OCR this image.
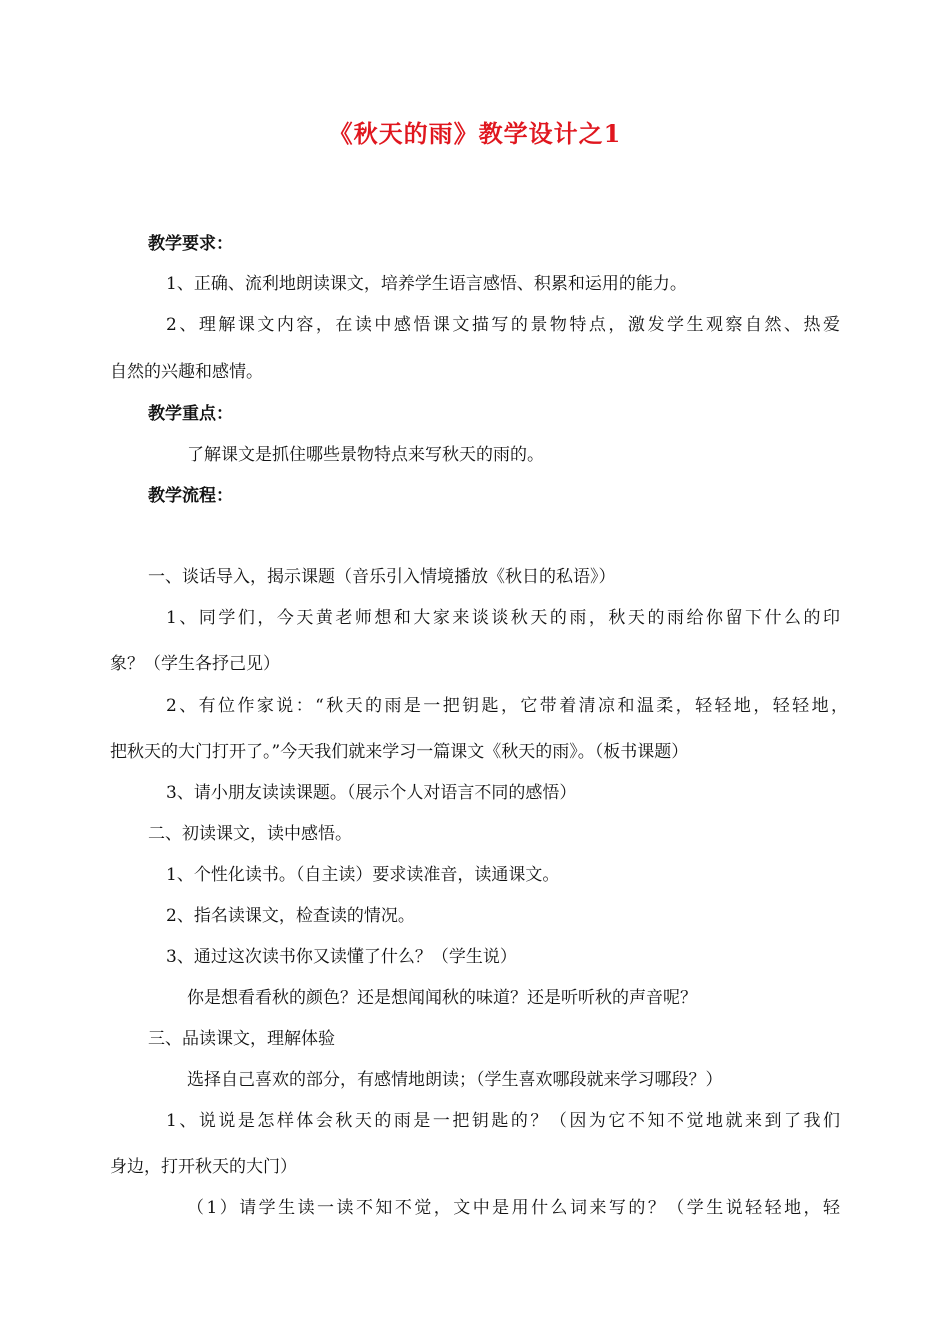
《秋天的雨》教学设计之1
教学要求：
1、正确、流利地朗读课文，培养学生语言感悟、积累和运用的能力。
2、理解课文内容，在读中感悟课文描写的景物特点，激发学生观察自然、热爱
自然的兴趣和感情。
教学重点：
了解课文是抓住哪些景物特点来写秋天的雨的。
教学流程：
一、谈话导入，揭示课题（音乐引入情境播放《秋日的私语》）
1、同学们，今天黄老师想和大家来谈谈秋天的雨，秋天的雨给你留下什么的印
象？（学生各抒己见）
2、有位作家说：“秋天的雨是一把钥匙，它带着清凉和温柔，轻轻地，轻轻地，
把秋天的大门打开了。”今天我们就来学习一篇课文《秋天的雨》。（板书课题）
3、请小朋友读读课题。（展示个人对语言不同的感悟）
二、初读课文，读中感悟。
1、个性化读书。（自主读）要求读准音，读通课文。
2、指名读课文，检查读的情况。
3、通过这次读书你又读懂了什么？（学生说）
你是想看看秋的颜色？还是想闻闻秋的味道？还是听听秋的声音呢？
三、品读课文，理解体验
选择自己喜欢的部分，有感情地朗读；（学生喜欢哪段就来学习哪段？）
1、说说是怎样体会秋天的雨是一把钥匙的？（因为它不知不觉地就来到了我们
身边，打开秋天的大门）
（1）请学生读一读不知不觉，文中是用什么词来写的？（学生说轻轻地，轻
